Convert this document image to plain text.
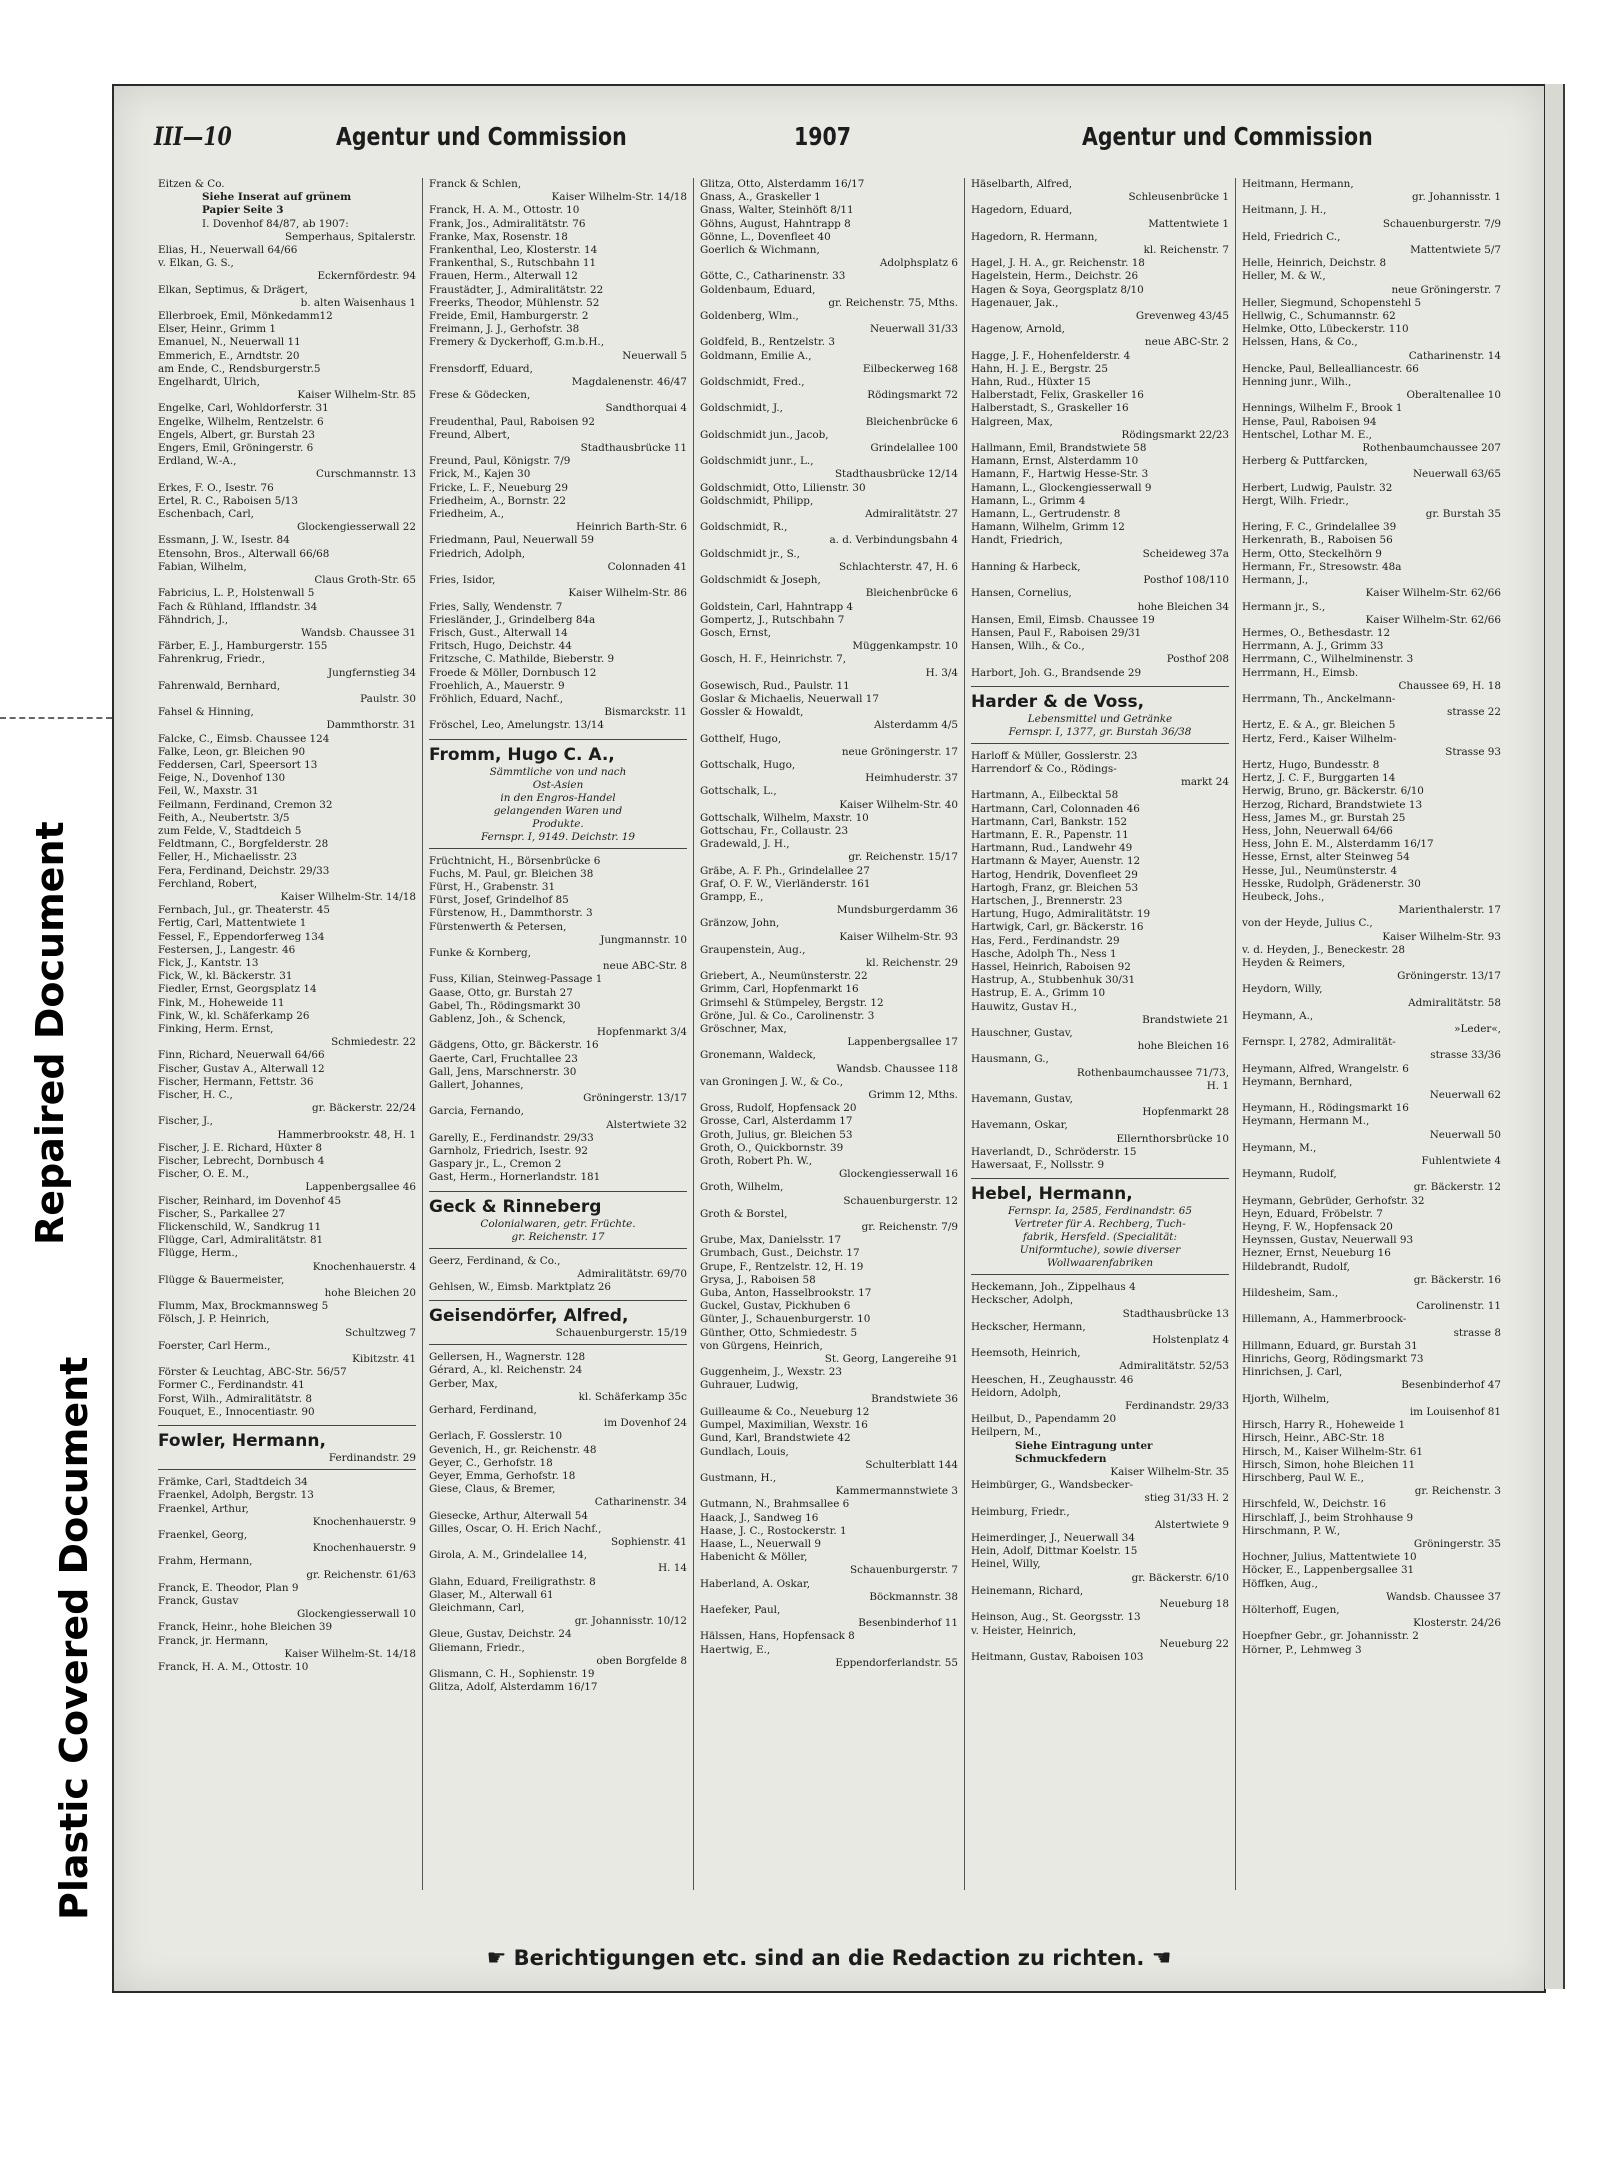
Repaired Document
Plastic Covered Document
III—10	Agentur und Commission	1907	Agentur und Commission
Eitzen & Co.
Siehe Inserat auf grünem
Papier Seite 3
I. Dovenhof 84/87, ab 1907:
Semperhaus, Spitalerstr.
Elias, H., Neuerwall 64/66
v. Elkan, G. S.,
Eckernfördestr. 94
Elkan, Septimus, & Drägert,
b. alten Waisenhaus 1
Ellerbroek, Emil, Mönkedamm12
Elser, Heinr., Grimm 1
Emanuel, N., Neuerwall 11
Emmerich, E., Arndtstr. 20
am Ende, C., Rendsburgerstr.5
Engelhardt, Ulrich,
Kaiser Wilhelm-Str. 85
Engelke, Carl, Wohldorferstr. 31
Engelke, Wilhelm, Rentzelstr. 6
Engels, Albert, gr. Burstah 23
Engers, Emil, Gröningerstr. 6
Erdland, W.-A.,
Curschmannstr. 13
Erkes, F. O., Isestr. 76
Ertel, R. C., Raboisen 5/13
Eschenbach, Carl,
Glockengiesserwall 22
Essmann, J. W., Isestr. 84
Etensohn, Bros., Alterwall 66/68
Fabian, Wilhelm,
Claus Groth-Str. 65
Fabricius, L. P., Holstenwall 5
Fach & Rühland, Ifflandstr. 34
Fähndrich, J.,
Wandsb. Chaussee 31
Färber, E. J., Hamburgerstr. 155
Fahrenkrug, Friedr.,
Jungfernstieg 34
Fahrenwald, Bernhard,
Paulstr. 30
Fahsel & Hinning,
Dammthorstr. 31
Falcke, C., Eimsb. Chaussee 124
Falke, Leon, gr. Bleichen 90
Feddersen, Carl, Speersort 13
Feige, N., Dovenhof 130
Feil, W., Maxstr. 31
Feilmann, Ferdinand, Cremon 32
Feith, A., Neubertstr. 3/5
zum Felde, V., Stadtdeich 5
Feldtmann, C., Borgfelderstr. 28
Feller, H., Michaelisstr. 23
Fera, Ferdinand, Deichstr. 29/33
Ferchland, Robert,
Kaiser Wilhelm-Str. 14/18
Fernbach, Jul., gr. Theaterstr. 45
Fertig, Carl, Mattentwiete 1
Fessel, F., Eppendorferweg 134
Festersen, J., Langestr. 46
Fick, J., Kantstr. 13
Fick, W., kl. Bäckerstr. 31
Fiedler, Ernst, Georgsplatz 14
Fink, M., Hoheweide 11
Fink, W., kl. Schäferkamp 26
Finking, Herm. Ernst,
Schmiedestr. 22
Finn, Richard, Neuerwall 64/66
Fischer, Gustav A., Alterwall 12
Fischer, Hermann, Fettstr. 36
Fischer, H. C.,
gr. Bäckerstr. 22/24
Fischer, J.,
Hammerbrookstr. 48, H. 1
Fischer, J. E. Richard, Hüxter 8
Fischer, Lebrecht, Dornbusch 4
Fischer, O. E. M.,
Lappenbergsallee 46
Fischer, Reinhard, im Dovenhof 45
Fischer, S., Parkallee 27
Flickenschild, W., Sandkrug 11
Flügge, Carl, Admiralitätstr. 81
Flügge, Herm.,
Knochenhauerstr. 4
Flügge & Bauermeister,
hohe Bleichen 20
Flumm, Max, Brockmannsweg 5
Fölsch, J. P. Heinrich,
Schultzweg 7
Foerster, Carl Herm.,
Kibitzstr. 41
Förster & Leuchtag, ABC-Str. 56/57
Former C., Ferdinandstr. 41
Forst, Wilh., Admiralitätstr. 8
Fouquet, E., Innocentiastr. 90
Fowler, Hermann,
Ferdinandstr. 29
Främke, Carl, Stadtdeich 34
Fraenkel, Adolph, Bergstr. 13
Fraenkel, Arthur,
Knochenhauerstr. 9
Fraenkel, Georg,
Knochenhauerstr. 9
Frahm, Hermann,
gr. Reichenstr. 61/63
Franck, E. Theodor, Plan 9
Franck, Gustav
Glockengiesserwall 10
Franck, Heinr., hohe Bleichen 39
Franck, jr. Hermann,
Kaiser Wilhelm-St. 14/18
Franck, H. A. M., Ottostr. 10
Franck & Schlen,
Kaiser Wilhelm-Str. 14/18
Franck, H. A. M., Ottostr. 10
Frank, Jos., Admiralitätstr. 76
Franke, Max, Rosenstr. 18
Frankenthal, Leo, Klosterstr. 14
Frankenthal, S., Rutschbahn 11
Frauen, Herm., Alterwall 12
Fraustädter, J., Admiralitätstr. 22
Freerks, Theodor, Mühlenstr. 52
Freide, Emil, Hamburgerstr. 2
Freimann, J. J., Gerhofstr. 38
Fremery & Dyckerhoff, G.m.b.H.,
Neuerwall 5
Frensdorff, Eduard,
Magdalenenstr. 46/47
Frese & Gödecken,
Sandthorquai 4
Freudenthal, Paul, Raboisen 92
Freund, Albert,
Stadthausbrücke 11
Freund, Paul, Königstr. 7/9
Frick, M., Kajen 30
Fricke, L. F., Neueburg 29
Friedheim, A., Bornstr. 22
Friedheim, A.,
Heinrich Barth-Str. 6
Friedmann, Paul, Neuerwall 59
Friedrich, Adolph,
Colonnaden 41
Fries, Isidor,
Kaiser Wilhelm-Str. 86
Fries, Sally, Wendenstr. 7
Friesländer, J., Grindelberg 84a
Frisch, Gust., Alterwall 14
Fritsch, Hugo, Deichstr. 44
Fritzsche, C. Mathilde, Bieberstr. 9
Froede & Möller, Dornbusch 12
Froehlich, A., Mauerstr. 9
Fröhlich, Eduard, Nachf.,
Bismarckstr. 11
Fröschel, Leo, Amelungstr. 13/14
Fromm, Hugo C. A.,
Sämmtliche von und nach
Ost-Asien
in den Engros-Handel
gelangenden Waren und
Produkte.
Fernspr. I, 9149. Deichstr. 19
Früchtnicht, H., Börsenbrücke 6
Fuchs, M. Paul, gr. Bleichen 38
Fürst, H., Grabenstr. 31
Fürst, Josef, Grindelhof 85
Fürstenow, H., Dammthorstr. 3
Fürstenwerth & Petersen,
Jungmannstr. 10
Funke & Kornberg,
neue ABC-Str. 8
Fuss, Kilian, Steinweg-Passage 1
Gaase, Otto, gr. Burstah 27
Gabel, Th., Rödingsmarkt 30
Gablenz, Joh., & Schenck,
Hopfenmarkt 3/4
Gädgens, Otto, gr. Bäckerstr. 16
Gaerte, Carl, Fruchtallee 23
Gall, Jens, Marschnerstr. 30
Gallert, Johannes,
Gröningerstr. 13/17
Garcia, Fernando,
Alstertwiete 32
Garelly, E., Ferdinandstr. 29/33
Garnholz, Friedrich, Isestr. 92
Gaspary jr., L., Cremon 2
Gast, Herm., Hornerlandstr. 181
Geck & Rinneberg
Colonialwaren, getr. Früchte.
gr. Reichenstr. 17
Geerz, Ferdinand, & Co.,
Admiralitätstr. 69/70
Gehlsen, W., Eimsb. Marktplatz 26
Geisendörfer, Alfred,
Schauenburgerstr. 15/19
Gellersen, H., Wagnerstr. 128
Gérard, A., kl. Reichenstr. 24
Gerber, Max,
kl. Schäferkamp 35c
Gerhard, Ferdinand,
im Dovenhof 24
Gerlach, F. Gosslerstr. 10
Gevenich, H., gr. Reichenstr. 48
Geyer, C., Gerhofstr. 18
Geyer, Emma, Gerhofstr. 18
Giese, Claus, & Bremer,
Catharinenstr. 34
Giesecke, Arthur, Alterwall 54
Gilles, Oscar, O. H. Erich Nachf.,
Sophienstr. 41
Girola, A. M., Grindelallee 14,
H. 14
Glahn, Eduard, Freiligrathstr. 8
Glaser, M., Alterwall 61
Gleichmann, Carl,
gr. Johannisstr. 10/12
Gleue, Gustav, Deichstr. 24
Gliemann, Friedr.,
oben Borgfelde 8
Glismann, C. H., Sophienstr. 19
Glitza, Adolf, Alsterdamm 16/17
Glitza, Otto, Alsterdamm 16/17
Gnass, A., Graskeller 1
Gnass, Walter, Steinhöft 8/11
Göhns, August, Hahntrapp 8
Gönne, L., Dovenfleet 40
Goerlich & Wichmann,
Adolphsplatz 6
Götte, C., Catharinenstr. 33
Goldenbaum, Eduard,
gr. Reichenstr. 75, Mths.
Goldenberg, Wlm.,
Neuerwall 31/33
Goldfeld, B., Rentzelstr. 3
Goldmann, Emilie A.,
Eilbeckerweg 168
Goldschmidt, Fred.,
Rödingsmarkt 72
Goldschmidt, J.,
Bleichenbrücke 6
Goldschmidt jun., Jacob,
Grindelallee 100
Goldschmidt junr., L.,
Stadthausbrücke 12/14
Goldschmidt, Otto, Lilienstr. 30
Goldschmidt, Philipp,
Admiralitätstr. 27
Goldschmidt, R.,
a. d. Verbindungsbahn 4
Goldschmidt jr., S.,
Schlachterstr. 47, H. 6
Goldschmidt & Joseph,
Bleichenbrücke 6
Goldstein, Carl, Hahntrapp 4
Gompertz, J., Rutschbahn 7
Gosch, Ernst,
Müggenkampstr. 10
Gosch, H. F., Heinrichstr. 7,
H. 3/4
Gosewisch, Rud., Paulstr. 11
Goslar & Michaelis, Neuerwall 17
Gossler & Howaldt,
Alsterdamm 4/5
Gotthelf, Hugo,
neue Gröningerstr. 17
Gottschalk, Hugo,
Heimhuderstr. 37
Gottschalk, L.,
Kaiser Wilhelm-Str. 40
Gottschalk, Wilhelm, Maxstr. 10
Gottschau, Fr., Collaustr. 23
Gradewald, J. H.,
gr. Reichenstr. 15/17
Gräbe, A. F. Ph., Grindelallee 27
Graf, O. F. W., Vierländerstr. 161
Grampp, E.,
Mundsburgerdamm 36
Gränzow, John,
Kaiser Wilhelm-Str. 93
Graupenstein, Aug.,
kl. Reichenstr. 29
Griebert, A., Neumünsterstr. 22
Grimm, Carl, Hopfenmarkt 16
Grimsehl & Stümpeley, Bergstr. 12
Gröne, Jul. & Co., Carolinenstr. 3
Gröschner, Max,
Lappenbergsallee 17
Gronemann, Waldeck,
Wandsb. Chaussee 118
van Groningen J. W., & Co.,
Grimm 12, Mths.
Gross, Rudolf, Hopfensack 20
Grosse, Carl, Alsterdamm 17
Groth, Julius, gr. Bleichen 53
Groth, O., Quickbornstr. 39
Groth, Robert Ph. W.,
Glockengiesserwall 16
Groth, Wilhelm,
Schauenburgerstr. 12
Groth & Borstel,
gr. Reichenstr. 7/9
Grube, Max, Danielsstr. 17
Grumbach, Gust., Deichstr. 17
Grupe, F., Rentzelstr. 12, H. 19
Grysa, J., Raboisen 58
Guba, Anton, Hasselbrookstr. 17
Guckel, Gustav, Pickhuben 6
Günter, J., Schauenburgerstr. 10
Günther, Otto, Schmiedestr. 5
von Gürgens, Heinrich,
St. Georg, Langereihe 91
Guggenheim, J., Wexstr. 23
Guhrauer, Ludwig,
Brandstwiete 36
Guilleaume & Co., Neueburg 12
Gumpel, Maximilian, Wexstr. 16
Gund, Karl, Brandstwiete 42
Gundlach, Louis,
Schulterblatt 144
Gustmann, H.,
Kammermannstwiete 3
Gutmann, N., Brahmsallee 6
Haack, J., Sandweg 16
Haase, J. C., Rostockerstr. 1
Haase, L., Neuerwall 9
Habenicht & Möller,
Schauenburgerstr. 7
Haberland, A. Oskar,
Böckmannstr. 38
Haefeker, Paul,
Besenbinderhof 11
Hälssen, Hans, Hopfensack 8
Haertwig, E.,
Eppendorferlandstr. 55
Häselbarth, Alfred,
Schleusenbrücke 1
Hagedorn, Eduard,
Mattentwiete 1
Hagedorn, R. Hermann,
kl. Reichenstr. 7
Hagel, J. H. A., gr. Reichenstr. 18
Hagelstein, Herm., Deichstr. 26
Hagen & Soya, Georgsplatz 8/10
Hagenauer, Jak.,
Grevenweg 43/45
Hagenow, Arnold,
neue ABC-Str. 2
Hagge, J. F., Hohenfelderstr. 4
Hahn, H. J. E., Bergstr. 25
Hahn, Rud., Hüxter 15
Halberstadt, Felix, Graskeller 16
Halberstadt, S., Graskeller 16
Halgreen, Max,
Rödingsmarkt 22/23
Hallmann, Emil, Brandstwiete 58
Hamann, Ernst, Alsterdamm 10
Hamann, F., Hartwig Hesse-Str. 3
Hamann, L., Glockengiesserwall 9
Hamann, L., Grimm 4
Hamann, L., Gertrudenstr. 8
Hamann, Wilhelm, Grimm 12
Handt, Friedrich,
Scheideweg 37a
Hanning & Harbeck,
Posthof 108/110
Hansen, Cornelius,
hohe Bleichen 34
Hansen, Emil, Eimsb. Chaussee 19
Hansen, Paul F., Raboisen 29/31
Hansen, Wilh., & Co.,
Posthof 208
Harbort, Joh. G., Brandsende 29
Harder & de Voss,
Lebensmittel und Getränke
Fernspr. I, 1377, gr. Burstah 36/38
Harloff & Müller, Gosslerstr. 23
Harrendorf & Co., Rödings-
markt 24
Hartmann, A., Eilbecktal 58
Hartmann, Carl, Colonnaden 46
Hartmann, Carl, Bankstr. 152
Hartmann, E. R., Papenstr. 11
Hartmann, Rud., Landwehr 49
Hartmann & Mayer, Auenstr. 12
Hartog, Hendrik, Dovenfleet 29
Hartogh, Franz, gr. Bleichen 53
Hartschen, J., Brennerstr. 23
Hartung, Hugo, Admiralitätstr. 19
Hartwigk, Carl, gr. Bäckerstr. 16
Has, Ferd., Ferdinandstr. 29
Hasche, Adolph Th., Ness 1
Hassel, Heinrich, Raboisen 92
Hastrup, A., Stubbenhuk 30/31
Hastrup, E. A., Grimm 10
Hauwitz, Gustav H.,
Brandstwiete 21
Hauschner, Gustav,
hohe Bleichen 16
Hausmann, G.,
Rothenbaumchaussee 71/73,
H. 1
Havemann, Gustav,
Hopfenmarkt 28
Havemann, Oskar,
Ellernthorsbrücke 10
Haverlandt, D., Schröderstr. 15
Hawersaat, F., Nollsstr. 9
Hebel, Hermann,
Fernspr. Ia, 2585, Ferdinandstr. 65
Vertreter für A. Rechberg, Tuch-
fabrik, Hersfeld. (Specialität:
Uniformtuche), sowie diverser
Wollwaarenfabriken
Heckemann, Joh., Zippelhaus 4
Heckscher, Adolph,
Stadthausbrücke 13
Heckscher, Hermann,
Holstenplatz 4
Heemsoth, Heinrich,
Admiralitätstr. 52/53
Heeschen, H., Zeughausstr. 46
Heidorn, Adolph,
Ferdinandstr. 29/33
Heilbut, D., Papendamm 20
Heilpern, M.,
Siehe Eintragung unter
Schmuckfedern
Kaiser Wilhelm-Str. 35
Heimbürger, G., Wandsbecker-
stieg 31/33 H. 2
Heimburg, Friedr.,
Alstertwiete 9
Heimerdinger, J., Neuerwall 34
Hein, Adolf, Dittmar Koelstr. 15
Heinel, Willy,
gr. Bäckerstr. 6/10
Heinemann, Richard,
Neueburg 18
Heinson, Aug., St. Georgsstr. 13
v. Heister, Heinrich,
Neueburg 22
Heitmann, Gustav, Raboisen 103
Heitmann, Hermann,
gr. Johannisstr. 1
Heitmann, J. H.,
Schauenburgerstr. 7/9
Held, Friedrich C.,
Mattentwiete 5/7
Helle, Heinrich, Deichstr. 8
Heller, M. & W.,
neue Gröningerstr. 7
Heller, Siegmund, Schopenstehl 5
Hellwig, C., Schumannstr. 62
Helmke, Otto, Lübeckerstr. 110
Helssen, Hans, & Co.,
Catharinenstr. 14
Hencke, Paul, Bellealliancestr. 66
Henning junr., Wilh.,
Oberaltenallee 10
Hennings, Wilhelm F., Brook 1
Hense, Paul, Raboisen 94
Hentschel, Lothar M. E.,
Rothenbaumchaussee 207
Herberg & Puttfarcken,
Neuerwall 63/65
Herbert, Ludwig, Paulstr. 32
Hergt, Wilh. Friedr.,
gr. Burstah 35
Hering, F. C., Grindelallee 39
Herkenrath, B., Raboisen 56
Herm, Otto, Steckelhörn 9
Hermann, Fr., Stresowstr. 48a
Hermann, J.,
Kaiser Wilhelm-Str. 62/66
Hermann jr., S.,
Kaiser Wilhelm-Str. 62/66
Hermes, O., Bethesdastr. 12
Herrmann, A. J., Grimm 33
Herrmann, C., Wilhelminenstr. 3
Herrmann, H., Eimsb.
Chaussee 69, H. 18
Herrmann, Th., Anckelmann-
strasse 22
Hertz, E. & A., gr. Bleichen 5
Hertz, Ferd., Kaiser Wilhelm-
Strasse 93
Hertz, Hugo, Bundesstr. 8
Hertz, J. C. F., Burggarten 14
Herwig, Bruno, gr. Bäckerstr. 6/10
Herzog, Richard, Brandstwiete 13
Hess, James M., gr. Burstah 25
Hess, John, Neuerwall 64/66
Hess, John E. M., Alsterdamm 16/17
Hesse, Ernst, alter Steinweg 54
Hesse, Jul., Neumünsterstr. 4
Hesske, Rudolph, Grädenerstr. 30
Heubeck, Johs.,
Marienthalerstr. 17
von der Heyde, Julius C.,
Kaiser Wilhelm-Str. 93
v. d. Heyden, J., Beneckestr. 28
Heyden & Reimers,
Gröningerstr. 13/17
Heydorn, Willy,
Admiralitätstr. 58
Heymann, A.,
»Leder«,
Fernspr. I, 2782, Admiralität-
strasse 33/36
Heymann, Alfred, Wrangelstr. 6
Heymann, Bernhard,
Neuerwall 62
Heymann, H., Rödingsmarkt 16
Heymann, Hermann M.,
Neuerwall 50
Heymann, M.,
Fuhlentwiete 4
Heymann, Rudolf,
gr. Bäckerstr. 12
Heymann, Gebrüder, Gerhofstr. 32
Heyn, Eduard, Fröbelstr. 7
Heyng, F. W., Hopfensack 20
Heynssen, Gustav, Neuerwall 93
Hezner, Ernst, Neueburg 16
Hildebrandt, Rudolf,
gr. Bäckerstr. 16
Hildesheim, Sam.,
Carolinenstr. 11
Hillemann, A., Hammerbroock-
strasse 8
Hillmann, Eduard, gr. Burstah 31
Hinrichs, Georg, Rödingsmarkt 73
Hinrichsen, J. Carl,
Besenbinderhof 47
Hjorth, Wilhelm,
im Louisenhof 81
Hirsch, Harry R., Hoheweide 1
Hirsch, Heinr., ABC-Str. 18
Hirsch, M., Kaiser Wilhelm-Str. 61
Hirsch, Simon, hohe Bleichen 11
Hirschberg, Paul W. E.,
gr. Reichenstr. 3
Hirschfeld, W., Deichstr. 16
Hirschlaff, J., beim Strohhause 9
Hirschmann, P. W.,
Gröningerstr. 35
Hochner, Julius, Mattentwiete 10
Höcker, E., Lappenbergsallee 31
Höffken, Aug.,
Wandsb. Chaussee 37
Hölterhoff, Eugen,
Klosterstr. 24/26
Hoepfner Gebr., gr. Johannisstr. 2
Hörner, P., Lehmweg 3
☛ Berichtigungen etc. sind an die Redaction zu richten. ☚
